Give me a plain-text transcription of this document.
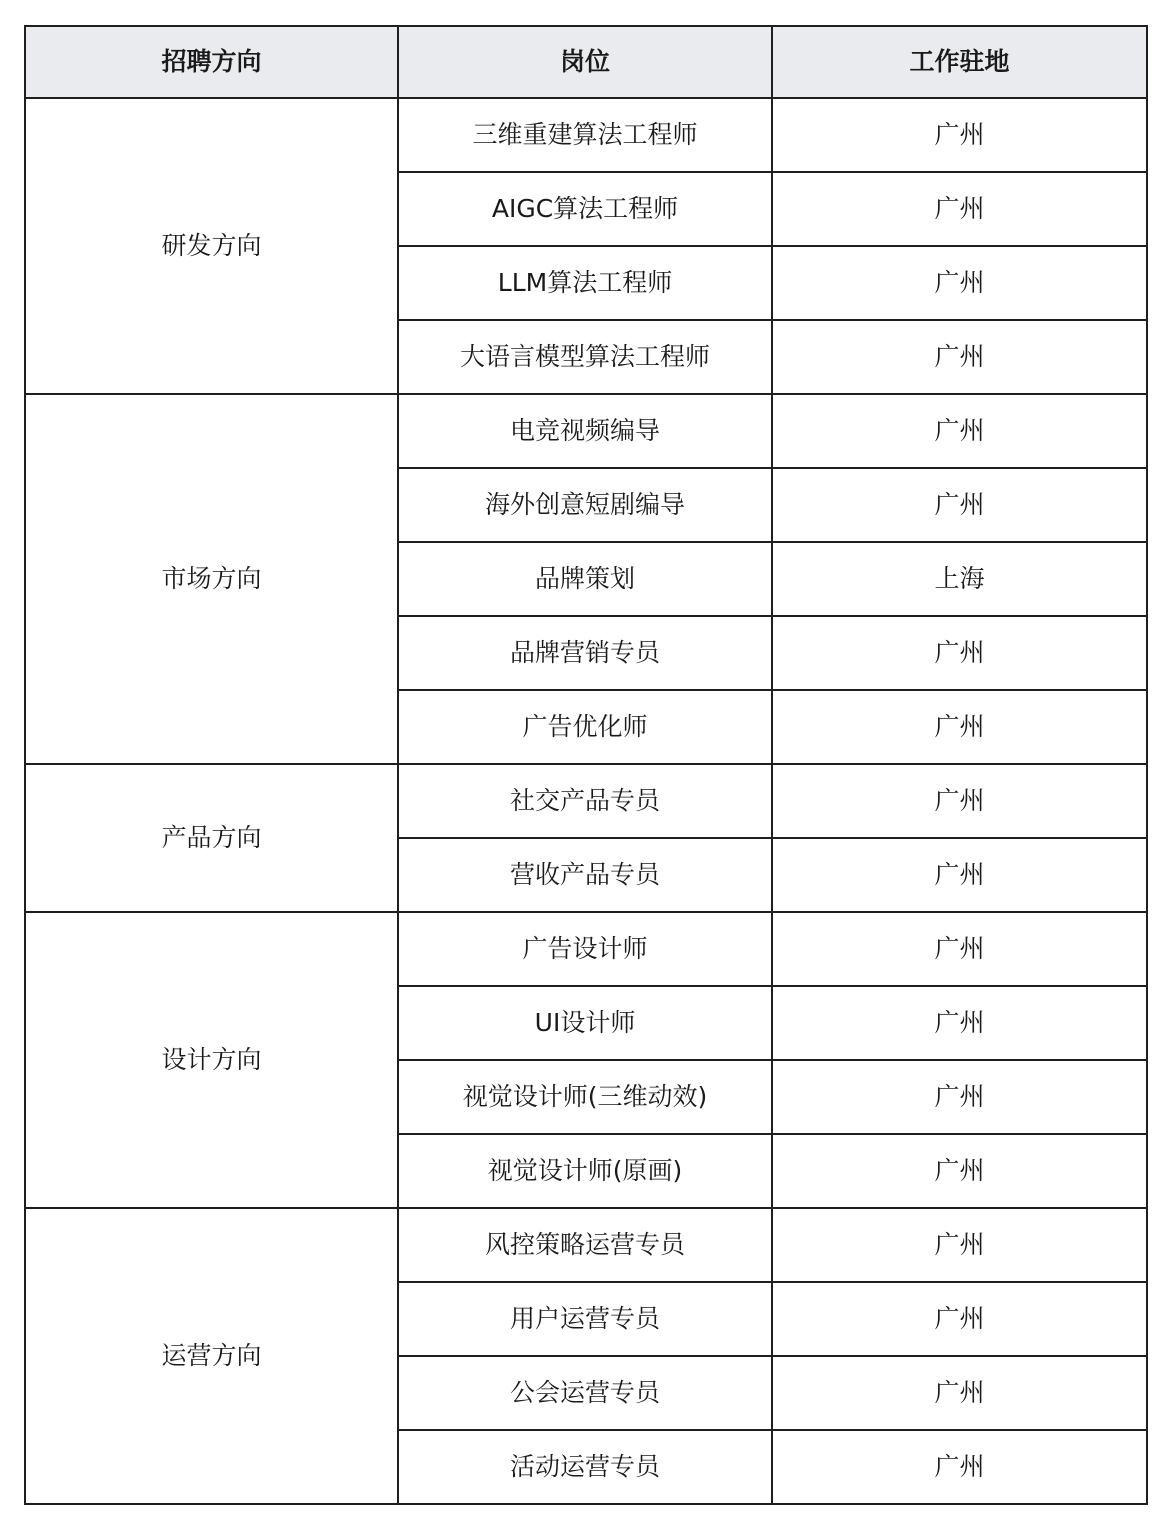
招聘方向	岗位	工作驻地
研发方向	三维重建算法工程师	广州
	AIGC算法工程师	广州
	LLM算法工程师	广州
	大语言模型算法工程师	广州
市场方向	电竞视频编导	广州
	海外创意短剧编导	广州
	品牌策划	上海
	品牌营销专员	广州
	广告优化师	广州
产品方向	社交产品专员	广州
	营收产品专员	广州
设计方向	广告设计师	广州
	UI设计师	广州
	视觉设计师(三维动效)	广州
	视觉设计师(原画)	广州
运营方向	风控策略运营专员	广州
	用户运营专员	广州
	公会运营专员	广州
	活动运营专员	广州
